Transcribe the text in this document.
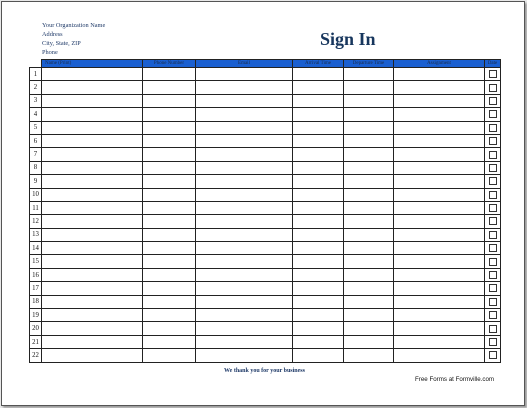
Your Organization Name
Address
City, State, ZIP
Phone
Sign In
	Name (Print)	Phone Number	Email	Arrival Time	Departure Time	Assignment	Date
1							
2							
3							
4							
5							
6							
7							
8							
9							
10							
11							
12							
13							
14							
15							
16							
17							
18							
19							
20							
21							
22							
We thank you for your business
Free Forms at Formville.com
